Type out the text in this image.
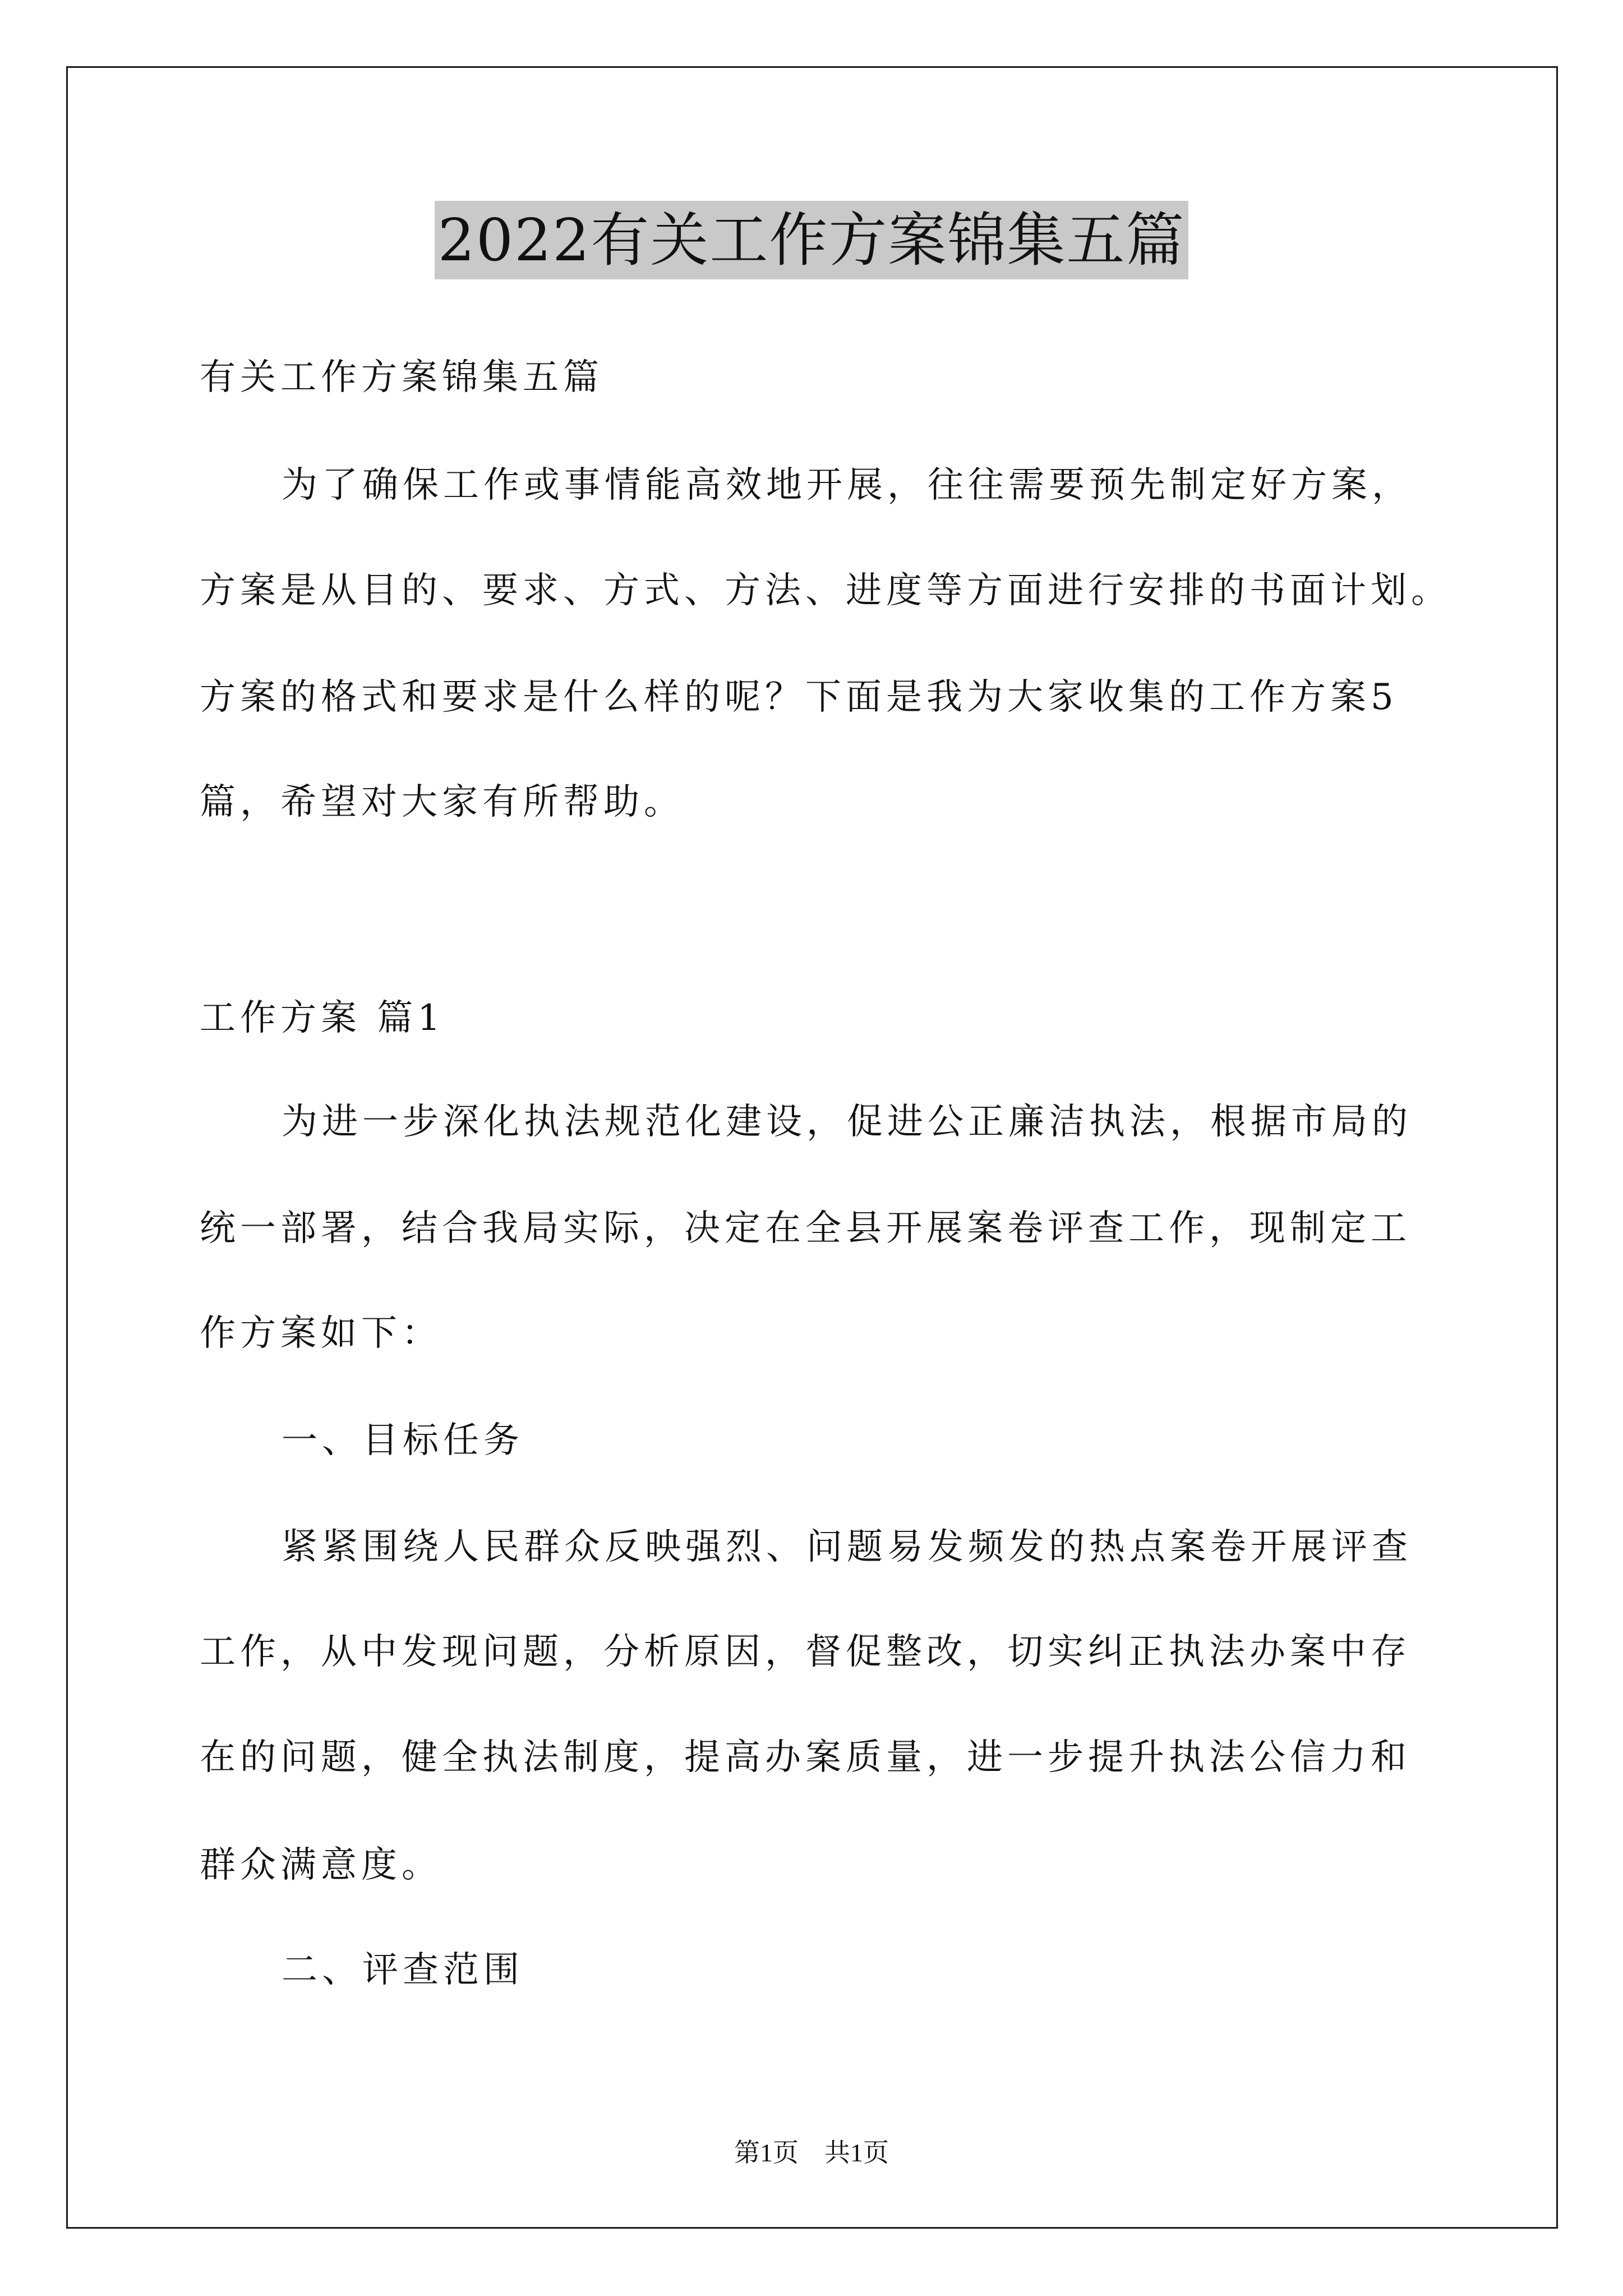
2022有关工作方案锦集五篇
有关工作方案锦集五篇
为了确保工作或事情能高效地开展，往往需要预先制定好方案，
方案是从目的、要求、方式、方法、进度等方面进行安排的书面计划。
方案的格式和要求是什么样的呢？下面是我为大家收集的工作方案5
篇，希望对大家有所帮助。
工作方案 篇1
为进一步深化执法规范化建设，促进公正廉洁执法，根据市局的
统一部署，结合我局实际，决定在全县开展案卷评查工作，现制定工
作方案如下：
一、目标任务
紧紧围绕人民群众反映强烈、问题易发频发的热点案卷开展评查
工作，从中发现问题，分析原因，督促整改，切实纠正执法办案中存
在的问题，健全执法制度，提高办案质量，进一步提升执法公信力和
群众满意度。
二、评查范围
第1页　共1页
